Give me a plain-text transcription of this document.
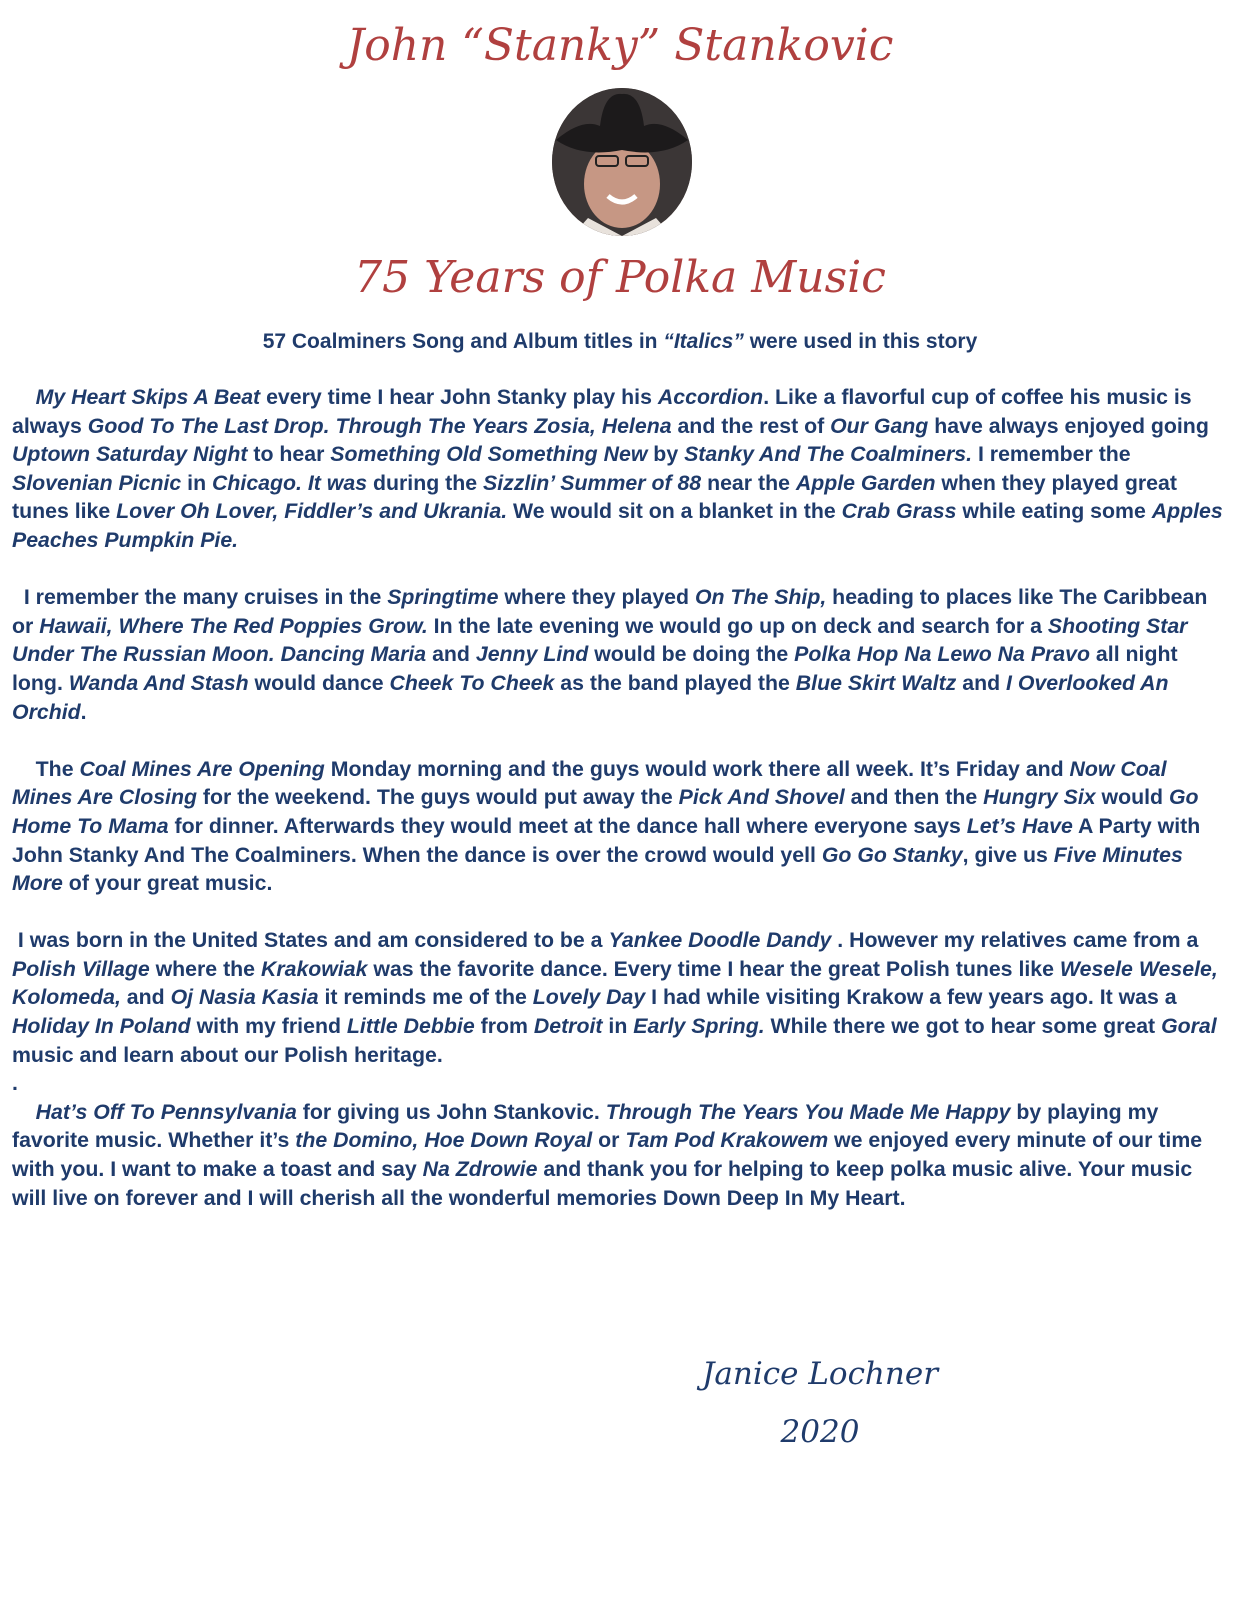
John “Stanky” Stankovic
75 Years of Polka Music

57 Coalminers Song and Album titles in “Italics” were used in this story

My Heart Skips A Beat every time I hear John Stanky play his Accordion. Like a flavorful cup of coffee his music is always Good To The Last Drop. Through The Years Zosia, Helena and the rest of Our Gang have always enjoyed going Uptown Saturday Night to hear Something Old Something New by Stanky And The Coalminers. I remember the Slovenian Picnic in Chicago. It was during the Sizzlin’ Summer of 88 near the Apple Garden when they played great tunes like Lover Oh Lover, Fiddler’s and Ukrania. We would sit on a blanket in the Crab Grass while eating some Apples Peaches Pumpkin Pie.

I remember the many cruises in the Springtime where they played On The Ship, heading to places like The Caribbean or Hawaii, Where The Red Poppies Grow. In the late evening we would go up on deck and search for a Shooting Star Under The Russian Moon. Dancing Maria and Jenny Lind would be doing the Polka Hop Na Lewo Na Pravo all night long. Wanda And Stash would dance Cheek To Cheek as the band played the Blue Skirt Waltz and I Overlooked An Orchid.

The Coal Mines Are Opening Monday morning and the guys would work there all week. It’s Friday and Now Coal Mines Are Closing for the weekend. The guys would put away the Pick And Shovel and then the Hungry Six would Go Home To Mama for dinner. Afterwards they would meet at the dance hall where everyone says Let’s Have A Party with John Stanky And The Coalminers. When the dance is over the crowd would yell Go Go Stanky, give us Five Minutes More of your great music.

I was born in the United States and am considered to be a Yankee Doodle Dandy . However my relatives came from a Polish Village where the Krakowiak was the favorite dance. Every time I hear the great Polish tunes like Wesele Wesele, Kolomeda, and Oj Nasia Kasia it reminds me of the Lovely Day I had while visiting Krakow a few years ago. It was a Holiday In Poland with my friend Little Debbie from Detroit in Early Spring. While there we got to hear some great Goral music and learn about our Polish heritage.

.

Hat’s Off To Pennsylvania for giving us John Stankovic. Through The Years You Made Me Happy by playing my favorite music. Whether it’s the Domino, Hoe Down Royal or Tam Pod Krakowem we enjoyed every minute of our time with you. I want to make a toast and say Na Zdrowie and thank you for helping to keep polka music alive. Your music will live on forever and I will cherish all the wonderful memories Down Deep In My Heart.

Janice Lochner
2020
